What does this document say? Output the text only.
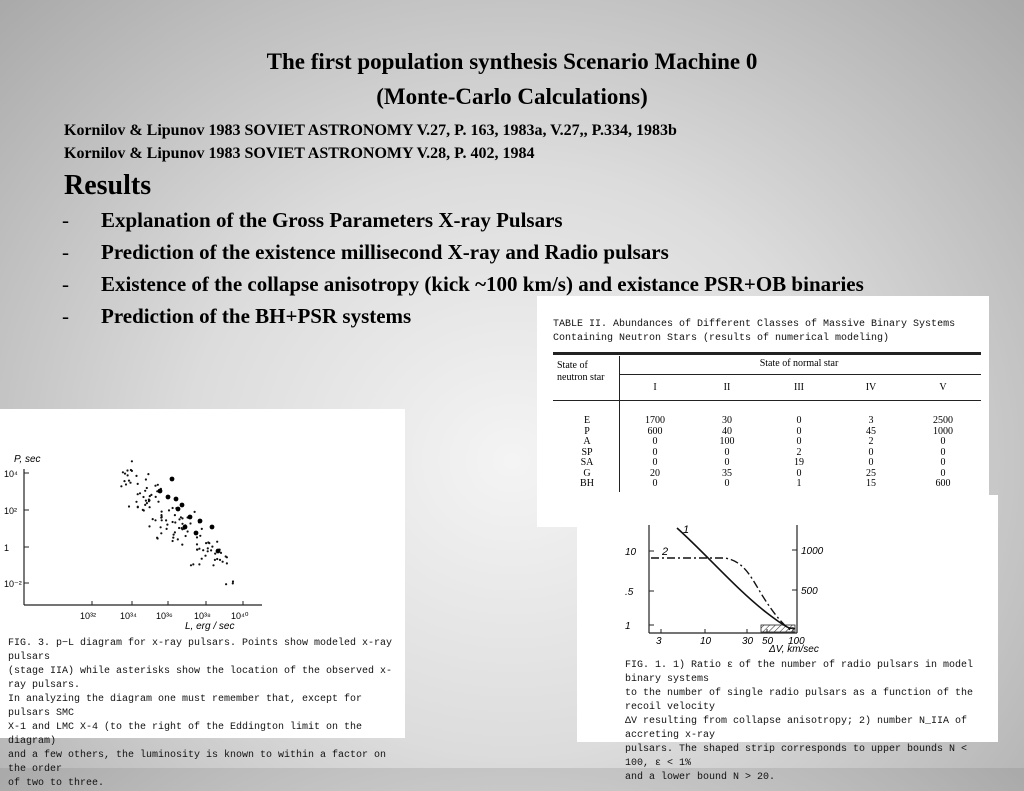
The first population synthesis Scenario Machine 0
(Monte-Carlo Calculations)
Kornilov & Lipunov 1983 SOVIET ASTRONOMY V.27, P. 163, 1983a, V.27,, P.334, 1983b
Kornilov & Lipunov 1983 SOVIET ASTRONOMY V.28, P. 402, 1984
Results
- Explanation of the Gross Parameters X-ray Pulsars
- Prediction of the existence millisecond X-ray and Radio pulsars
- Existence of the collapse anisotropy (kick ~100 km/s) and existance PSR+OB binaries
- Prediction of the BH+PSR systems	TABLE II. Abundances of Different Classes of Massive Binary Systems Containing Neutron Stars (results of numerical modeling)
State of neutron star
State of normal star
I	II	III	IV	V
E	1700	30	0	3	2500
P	600	40	0	45	1000
A	0	100	0	2	0
SP	0	0	2	0	0
SA	0	0	19	0	0
G	20	35	0	25	0
BH	0	0	1	15	600
P, sec
10⁴
10²
1
10⁻²
10³²	10³⁴ 10³⁶ 10³⁸ 10⁴⁰
L, erg / sec
FIG. 3. p−L diagram for x-ray pulsars. Points show modeled x-ray pulsars
(stage IIA) while asterisks show the location of the observed x-ray pulsars.
In analyzing the diagram one must remember that, except for pulsars SMC
X-1 and LMC X-4 (to the right of the Eddington limit on the diagram)
and a few others, the luminosity is known to within a factor on the order
of two to three.
1
2
10
.5
1
1000
500
3	10	30 50 100
ΔV, km/sec
FIG. 1. 1) Ratio ε of the number of radio pulsars in model binary systems
to the number of single radio pulsars as a function of the recoil velocity
ΔV resulting from collapse anisotropy; 2) number N_IIA of accreting x-ray
pulsars. The shaped strip corresponds to upper bounds N < 100, ε < 1%
and a lower bound N > 20.
